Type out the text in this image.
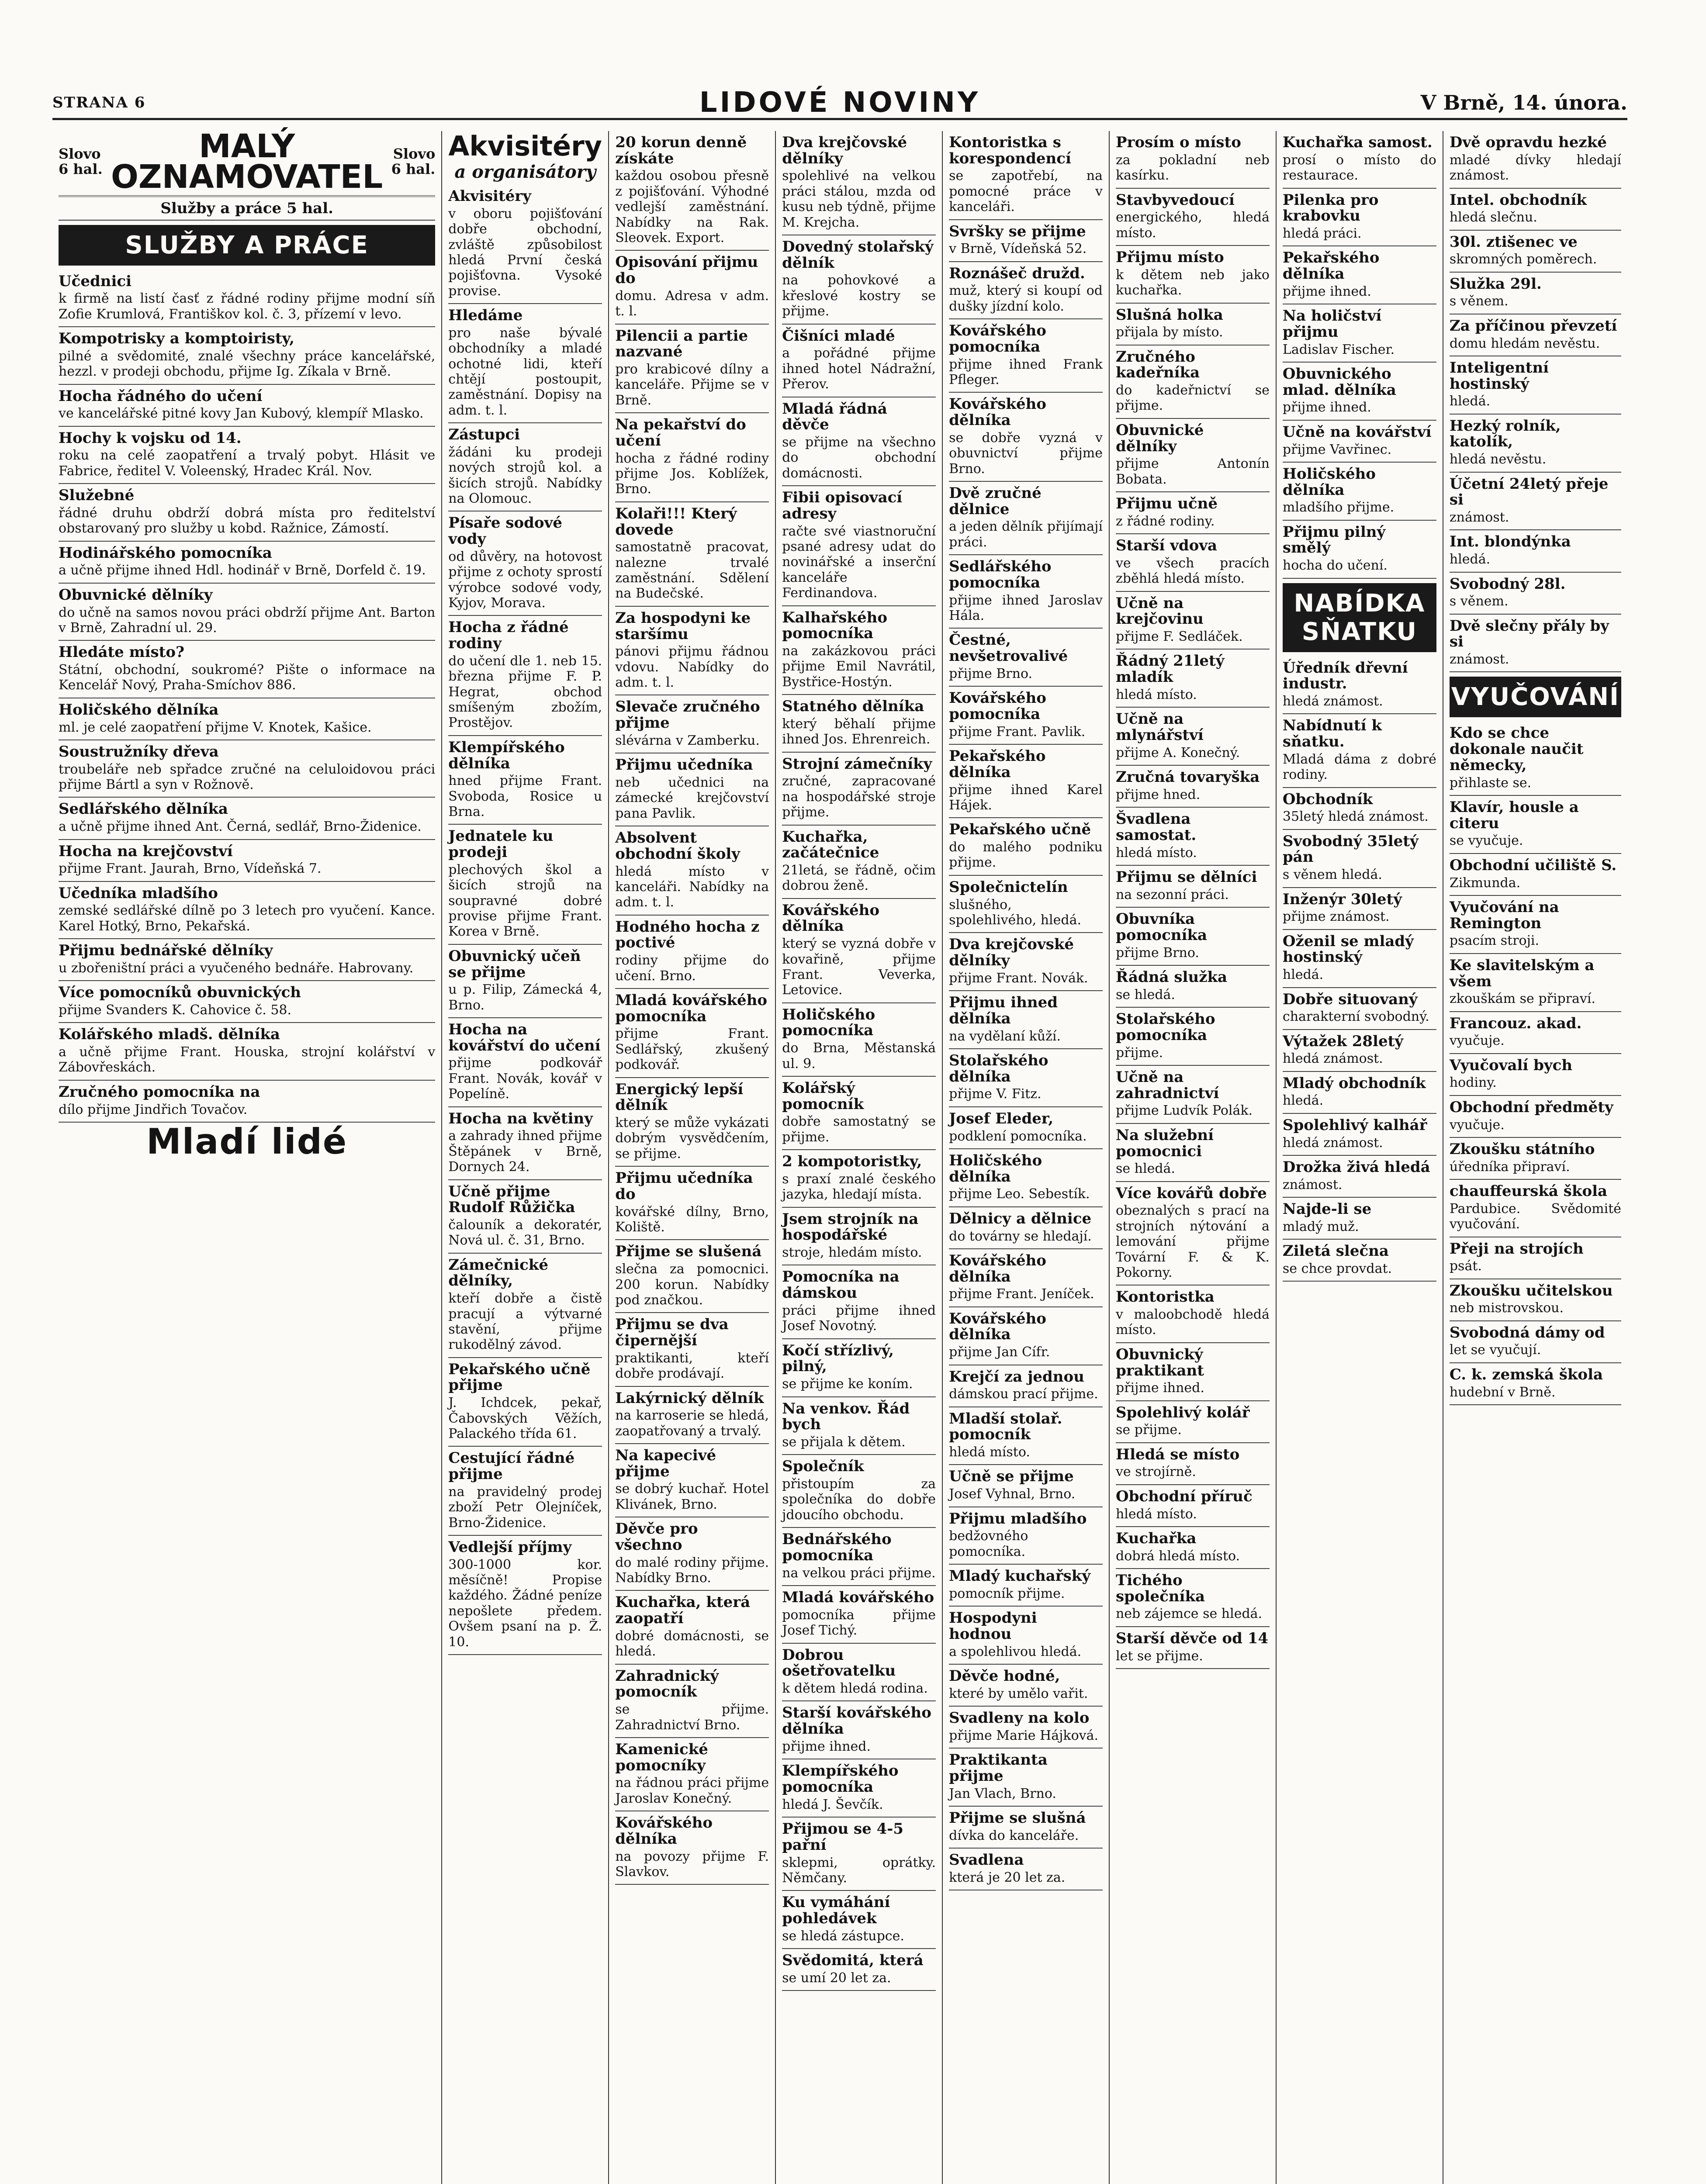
STRANA 6	LIDOVÉ NOVINY	V Brně, 14. února.
Slovo 6 hal.
MALÝ OZNAMOVATEL
Slovo 6 hal.
Služby a práce 5 hal.
SLUŽBY A PRÁCE
Učednici

k firmě na listí časť z řádné rodiny přijme modní síň Zofie Krumlová, Františkov kol. č. 3, přízemí v levo.

Kompotrisky a komptoiristy,

pilné a svědomité, znalé všechny práce kancelářské, hezzl. v prodeji obchodu, přijme Ig. Zíkala v Brně.

Hocha řádného do učení

ve kancelářské pitné kovy Jan Kubový, klempíř Mlasko.

Hochy k vojsku od 14.

roku na celé zaopatření a trvalý pobyt. Hlásit ve Fabrice, ředitel V. Voleenský, Hradec Král. Nov.

Služebné

řádné druhu obdrží dobrá místa pro ředitelství obstarovaný pro služby u kobd. Ražnice, Zámostí.

Hodinářského pomocníka

a učně přijme ihned Hdl. hodinář v Brně, Dorfeld č. 19.

Obuvnické dělníky

do učně na samos novou práci obdrží přijme Ant. Barton v Brně, Zahradní ul. 29.

Hledáte místo?

Státní, obchodní, soukromé? Pište o informace na Kencelář Nový, Praha-Smíchov 886.

Holičského dělníka

ml. je celé zaopatření přijme V. Knotek, Kašice.

Soustružníky dřeva

troubeláře neb spřadce zručné na celuloidovou práci přijme Bártl a syn v Rožnově.

Sedlářského dělníka

a učně přijme ihned Ant. Černá, sedlář, Brno-Židenice.

Hocha na krejčovství

přijme Frant. Jaurah, Brno, Vídeňská 7.

Učedníka mladšího

zemské sedlářské dílně po 3 letech pro vyučení. Kance. Karel Hotký, Brno, Pekařská.

Přijmu bednářské dělníky

u zbořeništní práci a vyučeného bednáře. Habrovany.

Více pomocníků obuvnických

přijme Svanders K. Cahovice č. 58.

Kolářského mladš. dělníka

a učně přijme Frant. Houska, strojní kolářství v Zábovřeskách.

Zručného pomocníka na

dílo přijme Jindřich Tovačov.

Mladí lidé
Akvisitéry
a organisátory
Akvisitéry

v oboru pojišťování dobře obchodní, zvláště způsobilost hledá První česká pojišťovna. Vysoké provise.

Hledáme

pro naše bývalé obchodníky a mladé ochotné lidi, kteří chtějí postoupit, zaměstnání. Dopisy na adm. t. l.

Zástupci

žádáni ku prodeji nových strojů kol. a šicích strojů. Nabídky na Olomouc.

Písaře sodové vody

od důvěry, na hotovost přijme z ochoty sprostí výrobce sodové vody, Kyjov, Morava.

Hocha z řádné rodiny

do učení dle 1. neb 15. března přijme F. P. Hegrat, obchod smíšeným zbožím, Prostějov.

Klempířského dělníka

hned přijme Frant. Svoboda, Rosice u Brna.

Jednatele ku prodeji

plechových škol a šicích strojů na soupravné dobré provise přijme Frant. Korea v Brně.

Obuvnický učeň se přijme

u p. Filip, Zámecká 4, Brno.

Hocha na kovářství do učení

přijme podkovář Frant. Novák, kovář v Popelíně.

Hocha na květiny

a zahrady ihned přijme Štěpánek v Brně, Dornych 24.

Učně přijme Rudolf Růžička

čalouník a dekoratér, Nová ul. č. 31, Brno.

Zámečnické dělníky,

kteří dobře a čistě pracují a výtvarné stavění, přijme rukodělný závod.

Pekařského učně přijme

J. Ichdcek, pekař, Čabovských Věžích, Palackého třída 61.

Cestující řádné přijme

na pravidelný prodej zboží Petr Olejníček, Brno-Židenice.

Vedlejší příjmy

300-1000 kor. měsíčně! Propise každého. Žádné peníze nepošlete předem. Ovšem psaní na p. Ž. 10.

20 korun denně získáte

každou osobou přesně z pojišťování. Výhodné vedlejší zaměstnání. Nabídky na Rak. Sleovek. Export.

Opisování přijmu do

domu. Adresa v adm. t. l.

Pilencii a partie nazvané

pro krabicové dílny a kanceláře. Přijme se v Brně.

Na pekařství do učení

hocha z řádné rodiny přijme Jos. Koblížek, Brno.

Kolaři!!! Který dovede

samostatně pracovat, nalezne trvalé zaměstnání. Sdělení na Budečské.

Za hospodyni ke staršímu

pánovi přijmu řádnou vdovu. Nabídky do adm. t. l.

Slevače zručného přijme

slévárna v Zamberku.

Přijmu učedníka

neb učednici na zámecké krejčovství pana Pavlik.

Absolvent obchodní školy

hledá místo v kanceláři. Nabídky na adm. t. l.

Hodného hocha z poctivé

rodiny přijme do učení. Brno.

Mladá kovářského pomocníka

přijme Frant. Sedlářský, zkušený podkovář.

Energický lepší dělník

který se může vykázati dobrým vysvědčením, se přijme.

Přijmu učedníka do

kovářské dílny, Brno, Koliště.

Přijme se slušená

slečna za pomocnici. 200 korun. Nabídky pod značkou.

Přijmu se dva čipernější

praktikanti, kteří dobře prodávají.

Lakýrnický dělník

na karroserie se hledá, zaopatřovaný a trvalý.

Na kapecivé přijme

se dobrý kuchař. Hotel Klivánek, Brno.

Děvče pro všechno

do malé rodiny přijme. Nabídky Brno.

Kuchařka, která zaopatří

dobré domácnosti, se hledá.

Zahradnický pomocník

se přijme. Zahradnictví Brno.

Kamenické pomocníky

na řádnou práci přijme Jaroslav Konečný.

Kovářského dělníka

na povozy přijme F. Slavkov.

Dva krejčovské dělníky

spolehlivé na velkou práci stálou, mzda od kusu neb týdně, přijme M. Krejcha.

Dovedný stolařský dělník

na pohovkové a křeslové kostry se přijme.

Čišníci mladé

a pořádné přijme ihned hotel Nádražní, Přerov.

Mladá řádná děvče

se přijme na všechno do obchodní domácnosti.

Fibii opisovací adresy

račte své viastnoruční psané adresy udat do novinářské a inserční kanceláře Ferdinandova.

Kalhařského pomocníka

na zakázkovou práci přijme Emil Navrátil, Bystřice-Hostýn.

Statného dělníka

který běhalí přijme ihned Jos. Ehrenreich.

Strojní zámečníky

zručné, zapracované na hospodářské stroje přijme.

Kuchařka, začátečnice

21letá, se řádně, očim dobrou ženě.

Kovářského dělníka

který se vyzná dobře v kovařině, přijme Frant. Veverka, Letovice.

Holičského pomocníka

do Brna, Městanská ul. 9.

Kolářský pomocník

dobře samostatný se přijme.

2 kompotoristky,

s praxí znalé českého jazyka, hledají místa.

Jsem strojník na hospodářské

stroje, hledám místo.

Pomocníka na dámskou

práci přijme ihned Josef Novotný.

Kočí střízlivý, pilný,

se přijme ke koním.

Na venkov. Řád bych

se přijala k dětem.

Společník

přistoupím za společníka do dobře jdoucího obchodu.

Bednářského pomocníka

na velkou práci přijme.

Mladá kovářského

pomocníka přijme Josef Tichý.

Dobrou ošetřovatelku

k dětem hledá rodina.

Starší kovářského dělníka

přijme ihned.

Klempířského pomocníka

hledá J. Ševčík.

Přijmou se 4-5 pařní

sklepmi, oprátky. Němčany.

Ku vymáhání pohledávek

se hledá zástupce.

Svědomitá, která

se umí 20 let za.

Kontoristka s korespondencí

se zapotřebí, na pomocné práce v kanceláři.

Svršky se přijme

v Brně, Vídeňská 52.

Roznášeč družd.

muž, který si koupí od dušky jízdní kolo.

Kovářského pomocníka

přijme ihned Frank Pfleger.

Kovářského dělníka

se dobře vyzná v obuvnictví přijme Brno.

Dvě zručné dělnice

a jeden dělník přijímají práci.

Sedlářského pomocníka

přijme ihned Jaroslav Hála.

Čestné, nevšetrovalivé

přijme Brno.

Kovářského pomocníka

přijme Frant. Pavlik.

Pekařského dělníka

přijme ihned Karel Hájek.

Pekařského učně

do malého podniku přijme.

Společnictelín

slušného, spolehlivého, hledá.

Dva krejčovské dělníky

přijme Frant. Novák.

Přijmu ihned dělníka

na vydělaní kůží.

Stolařského dělníka

přijme V. Fitz.

Josef Eleder,

podklení pomocníka.

Holičského dělníka

přijme Leo. Sebestík.

Dělnicy a dělnice

do továrny se hledají.

Kovářského dělníka

přijme Frant. Jeníček.

Kovářského dělníka

přijme Jan Cífr.

Krejčí za jednou

dámskou prací přijme.

Mladší stolař. pomocník

hledá místo.

Učně se přijme

Josef Vyhnal, Brno.

Přijmu mladšího

bedžovného pomocníka.

Mladý kuchařský

pomocník přijme.

Hospodyni hodnou

a spolehlivou hledá.

Děvče hodné,

které by umělo vařit.

Svadleny na kolo

přijme Marie Hájková.

Praktikanta přijme

Jan Vlach, Brno.

Přijme se slušná

dívka do kanceláře.

Svadlena

která je 20 let za.

Prosím o místo

za pokladní neb kasírku.

Stavbyvedoucí

energického, hledá místo.

Přijmu místo

k dětem neb jako kuchařka.

Slušná holka

přijala by místo.

Zručného kadeřníka

do kadeřnictví se přijme.

Obuvnické dělníky

přijme Antonín Bobata.

Přijmu učně

z řádné rodiny.

Starší vdova

ve všech pracích zběhlá hledá místo.

Učně na krejčovinu

přijme F. Sedláček.

Řádný 21letý mladík

hledá místo.

Učně na mlynářství

přijme A. Konečný.

Zručná tovaryška

přijme hned.

Švadlena samostat.

hledá místo.

Přijmu se dělníci

na sezonní práci.

Obuvníka pomocníka

přijme Brno.

Řádná služka

se hledá.

Stolařského pomocníka

přijme.

Učně na zahradnictví

přijme Ludvík Polák.

Na služební pomocnici

se hledá.

Více kovářů dobře

obeznalých s prací na strojních nýtování a lemování přijme Tovární F. & K. Pokorny.

Kontoristka

v maloobchodě hledá místo.

Obuvnický praktikant

přijme ihned.

Spolehlivý kolář

se přijme.

Hledá se místo

ve strojírně.

Obchodní příruč

hledá místo.

Kuchařka

dobrá hledá místo.

Tichého společníka

neb zájemce se hledá.

Starší děvče od 14

let se přijme.

Kuchařka samost.

prosí o místo do restaurace.

Pilenka pro krabovku

hledá práci.

Pekařského dělníka

přijme ihned.

Na holičství přijmu

Ladislav Fischer.

Obuvnického mlad. dělníka

přijme ihned.

Učně na kovářství

přijme Vavřinec.

Holičského dělníka

mladšího přijme.

Přijmu pilný smělý

hocha do učení.

NABÍDKA SŇATKU
Úředník dřevní industr.

hledá známost.

Nabídnutí k sňatku.

Mladá dáma z dobré rodiny.

Obchodník

35letý hledá známost.

Svobodný 35letý pán

s věnem hledá.

Inženýr 30letý

přijme známost.

Oženil se mladý hostinský

hledá.

Dobře situovaný

charakterní svobodný.

Výtažek 28letý

hledá známost.

Mladý obchodník

hledá.

Spolehlivý kalhář

hledá známost.

Drožka živá hledá

známost.

Najde-li se

mladý muž.

Ziletá slečna

se chce provdat.

Dvě opravdu hezké

mladé dívky hledají známost.

Intel. obchodník

hledá slečnu.

30l. ztišenec ve

skromných poměrech.

Služka 29l.

s věnem.

Za příčinou převzetí

domu hledám nevěstu.

Inteligentní hostinský

hledá.

Hezký rolník, katolík,

hledá nevěstu.

Účetní 24letý přeje si

známost.

Int. blondýnka

hledá.

Svobodný 28l.

s věnem.

Dvě slečny přály by si

známost.

VYUČOVÁNÍ
Kdo se chce dokonale naučit německy,

přihlaste se.

Klavír, housle a citeru

se vyučuje.

Obchodní učiliště S.

Zikmunda.

Vyučování na Remington

psacím stroji.

Ke slavitelským a všem

zkouškám se připraví.

Francouz. akad.

vyučuje.

Vyučovalí bych

hodiny.

Obchodní předměty

vyučuje.

Zkoušku státního

úředníka připraví.

chauffeurská škola

Pardubice. Svědomité vyučování.

Přeji na strojích

psát.

Zkoušku učitelskou

neb mistrovskou.

Svobodná dámy od

let se vyučují.

C. k. zemská škola

hudební v Brně.
